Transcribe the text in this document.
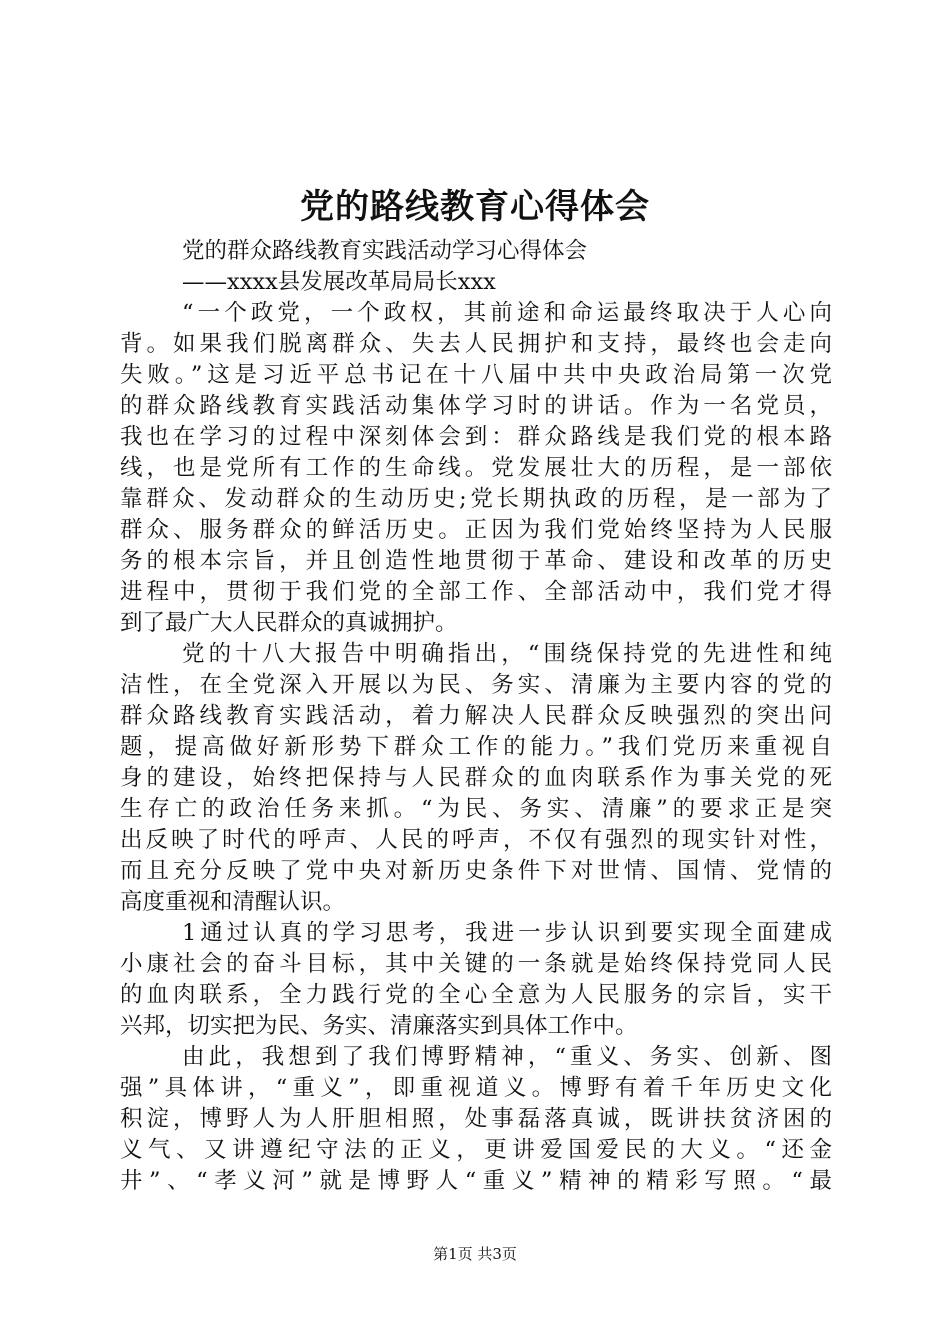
党的路线教育心得体会
党的群众路线教育实践活动学习心得体会
——xxxx县发展改革局局长xxx
“一个政党，一个政权，其前途和命运最终取决于人心向
背。如果我们脱离群众、失去人民拥护和支持，最终也会走向
失败。”这是习近平总书记在十八届中共中央政治局第一次党
的群众路线教育实践活动集体学习时的讲话。作为一名党员，
我也在学习的过程中深刻体会到：群众路线是我们党的根本路
线，也是党所有工作的生命线。党发展壮大的历程，是一部依
靠群众、发动群众的生动历史;党长期执政的历程，是一部为了
群众、服务群众的鲜活历史。正因为我们党始终坚持为人民服
务的根本宗旨，并且创造性地贯彻于革命、建设和改革的历史
进程中，贯彻于我们党的全部工作、全部活动中，我们党才得
到了最广大人民群众的真诚拥护。
党的十八大报告中明确指出，“围绕保持党的先进性和纯
洁性，在全党深入开展以为民、务实、清廉为主要内容的党的
群众路线教育实践活动，着力解决人民群众反映强烈的突出问
题，提高做好新形势下群众工作的能力。”我们党历来重视自
身的建设，始终把保持与人民群众的血肉联系作为事关党的死
生存亡的政治任务来抓。“为民、务实、清廉”的要求正是突
出反映了时代的呼声、人民的呼声，不仅有强烈的现实针对性，
而且充分反映了党中央对新历史条件下对世情、国情、党情的
高度重视和清醒认识。
1通过认真的学习思考，我进一步认识到要实现全面建成
小康社会的奋斗目标，其中关键的一条就是始终保持党同人民
的血肉联系，全力践行党的全心全意为人民服务的宗旨，实干
兴邦，切实把为民、务实、清廉落实到具体工作中。
由此，我想到了我们博野精神，“重义、务实、创新、图
强”具体讲，“重义”，即重视道义。博野有着千年历史文化
积淀，博野人为人肝胆相照，处事磊落真诚，既讲扶贫济困的
义气、又讲遵纪守法的正义，更讲爱国爱民的大义。“还金
井”、“孝义河”就是博野人“重义”精神的精彩写照。“最
第1页 共3页
